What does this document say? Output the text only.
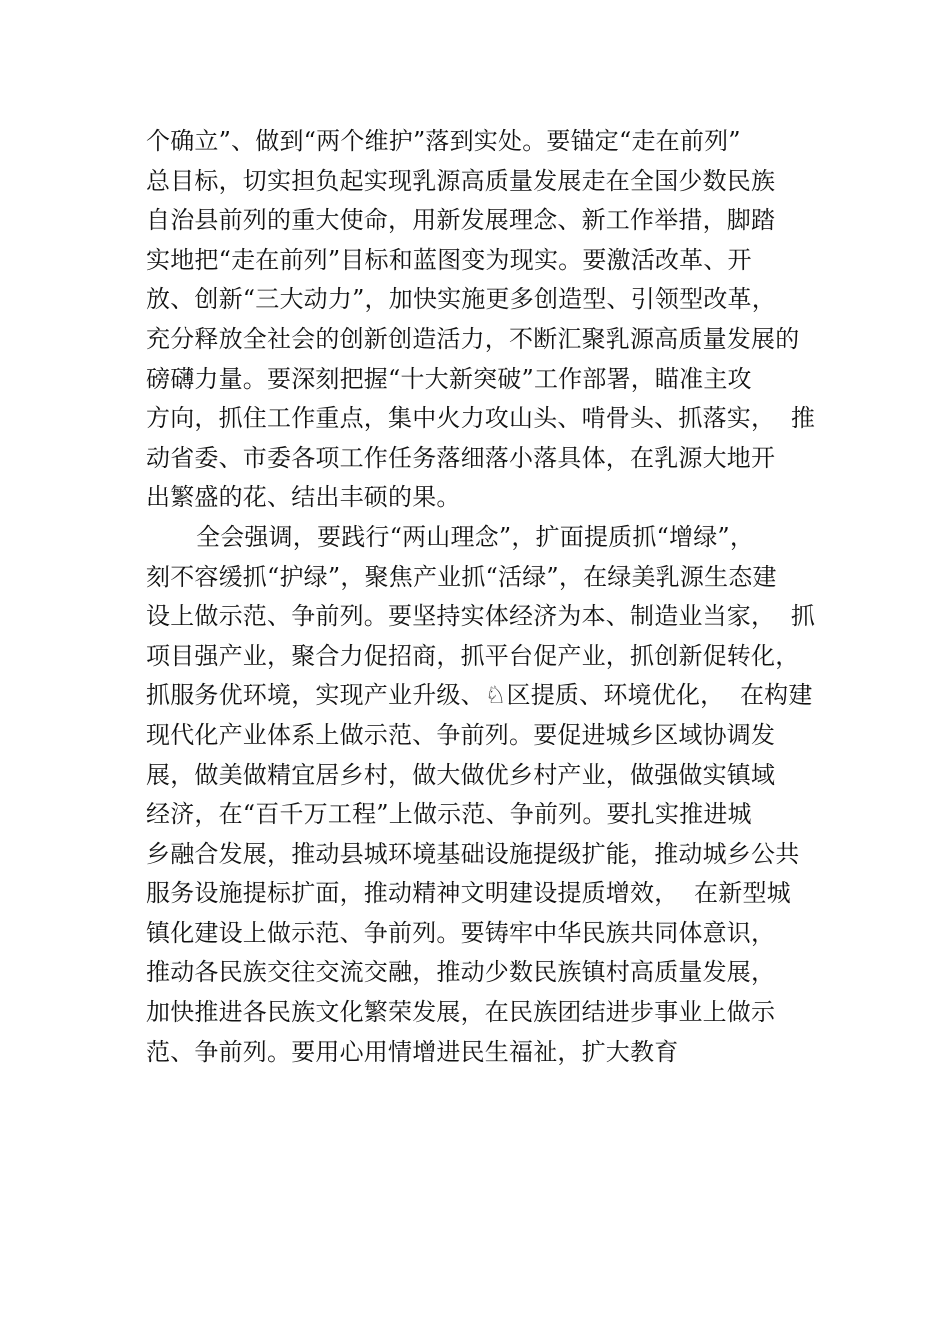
个确立”、做到“两个维护”落到实处。要锚定“走在前列”
总目标，切实担负起实现乳源高质量发展走在全国少数民族
自治县前列的重大使命，用新发展理念、新工作举措，脚踏
实地把“走在前列”目标和蓝图变为现实。要激活改革、开
放、创新“三大动力”，加快实施更多创造型、引领型改革，
充分释放全社会的创新创造活力，不断汇聚乳源高质量发展的
磅礴力量。要深刻把握“十大新突破”工作部署，瞄准主攻
方向，抓住工作重点，集中火力攻山头、啃骨头、抓落实，  推
动省委、市委各项工作任务落细落小落具体，在乳源大地开
出繁盛的花、结出丰硕的果。
全会强调，要践行“两山理念”，扩面提质抓“增绿”，
刻不容缓抓“护绿”，聚焦产业抓“活绿”，在绿美乳源生态建
设上做示范、争前列。要坚持实体经济为本、制造业当家，  抓
项目强产业，聚合力促招商，抓平台促产业，抓创新促转化，
抓服务优环境，实现产业升级、♘区提质、环境优化，  在构建
现代化产业体系上做示范、争前列。要促进城乡区域协调发
展，做美做精宜居乡村，做大做优乡村产业，做强做实镇域
经济，在“百千万工程”上做示范、争前列。要扎实推进城
乡融合发展，推动县城环境基础设施提级扩能，推动城乡公共
服务设施提标扩面，推动精神文明建设提质增效，  在新型城
镇化建设上做示范、争前列。要铸牢中华民族共同体意识，
推动各民族交往交流交融，推动少数民族镇村高质量发展，
加快推进各民族文化繁荣发展，在民族团结进步事业上做示
范、争前列。要用心用情增进民生福祉，扩大教育
